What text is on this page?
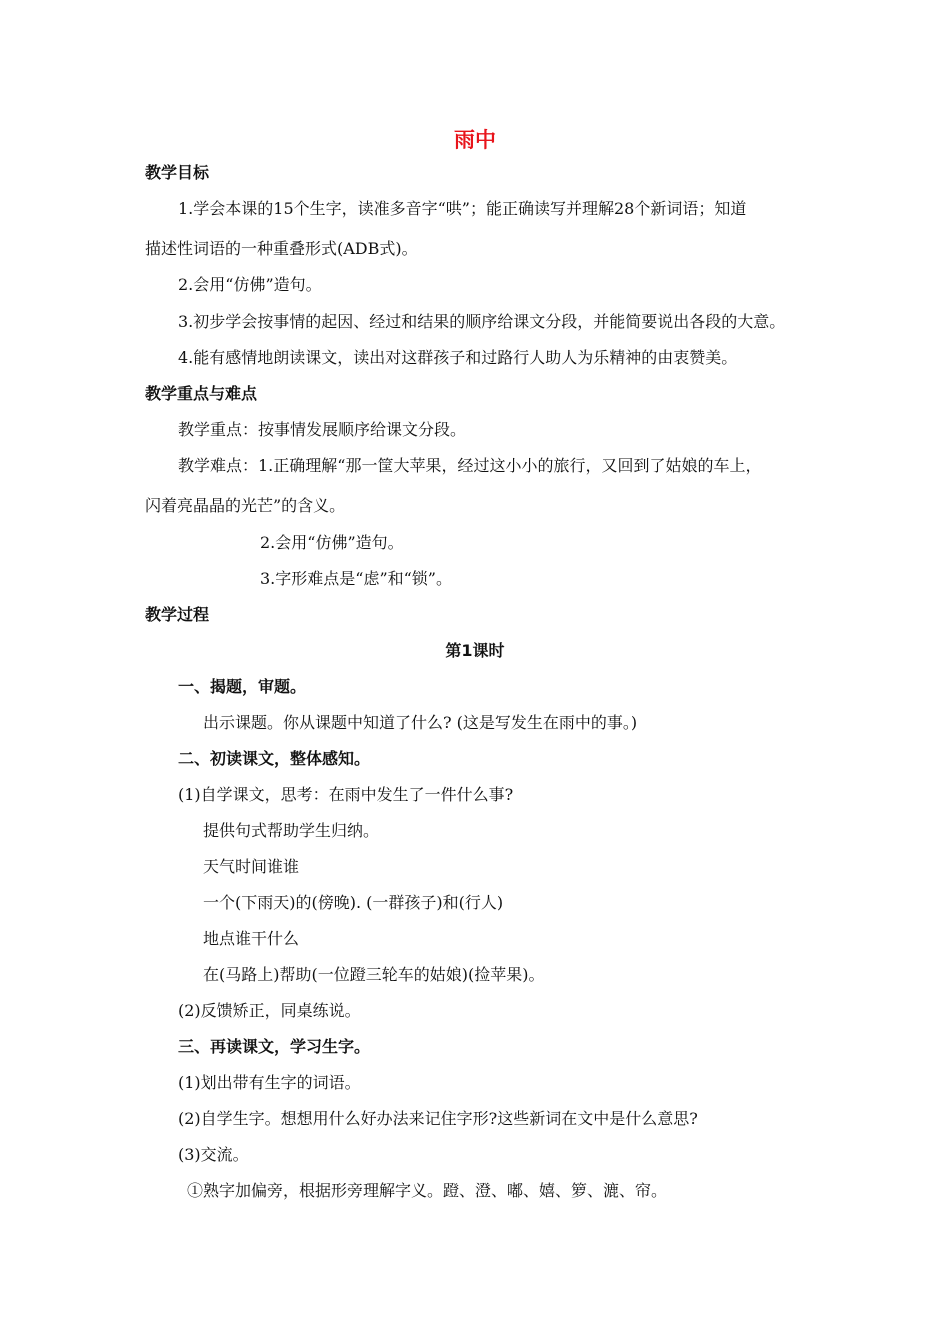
雨中
教学目标
1.学会本课的15个生字，读准多音字“哄”；能正确读写并理解28个新词语；知道
描述性词语的一种重叠形式(ADB式)。
2.会用“仿佛”造句。
3.初步学会按事情的起因、经过和结果的顺序给课文分段，并能简要说出各段的大意。
4.能有感情地朗读课文，读出对这群孩子和过路行人助人为乐精神的由衷赞美。
教学重点与难点
教学重点：按事情发展顺序给课文分段。
教学难点：1.正确理解“那一筐大苹果，经过这小小的旅行，又回到了姑娘的车上，
闪着亮晶晶的光芒”的含义。
2.会用“仿佛”造句。
3.字形难点是“虑”和“锁”。
教学过程
第1课时
一、揭题，审题。
出示课题。你从课题中知道了什么? (这是写发生在雨中的事。)
二、初读课文，整体感知。
(1)自学课文，思考：在雨中发生了一件什么事?
提供句式帮助学生归纳。
天气时间谁谁
一个(下雨天)的(傍晚). (一群孩子)和(行人)
地点谁干什么
在(马路上)帮助(一位蹬三轮车的姑娘)(捡苹果)。
(2)反馈矫正，同桌练说。
三、再读课文，学习生字。
(1)划出带有生字的词语。
(2)自学生字。想想用什么好办法来记住字形?这些新词在文中是什么意思?
(3)交流。
①熟字加偏旁，根据形旁理解字义。蹬、澄、嘟、嬉、箩、漉、帘。
